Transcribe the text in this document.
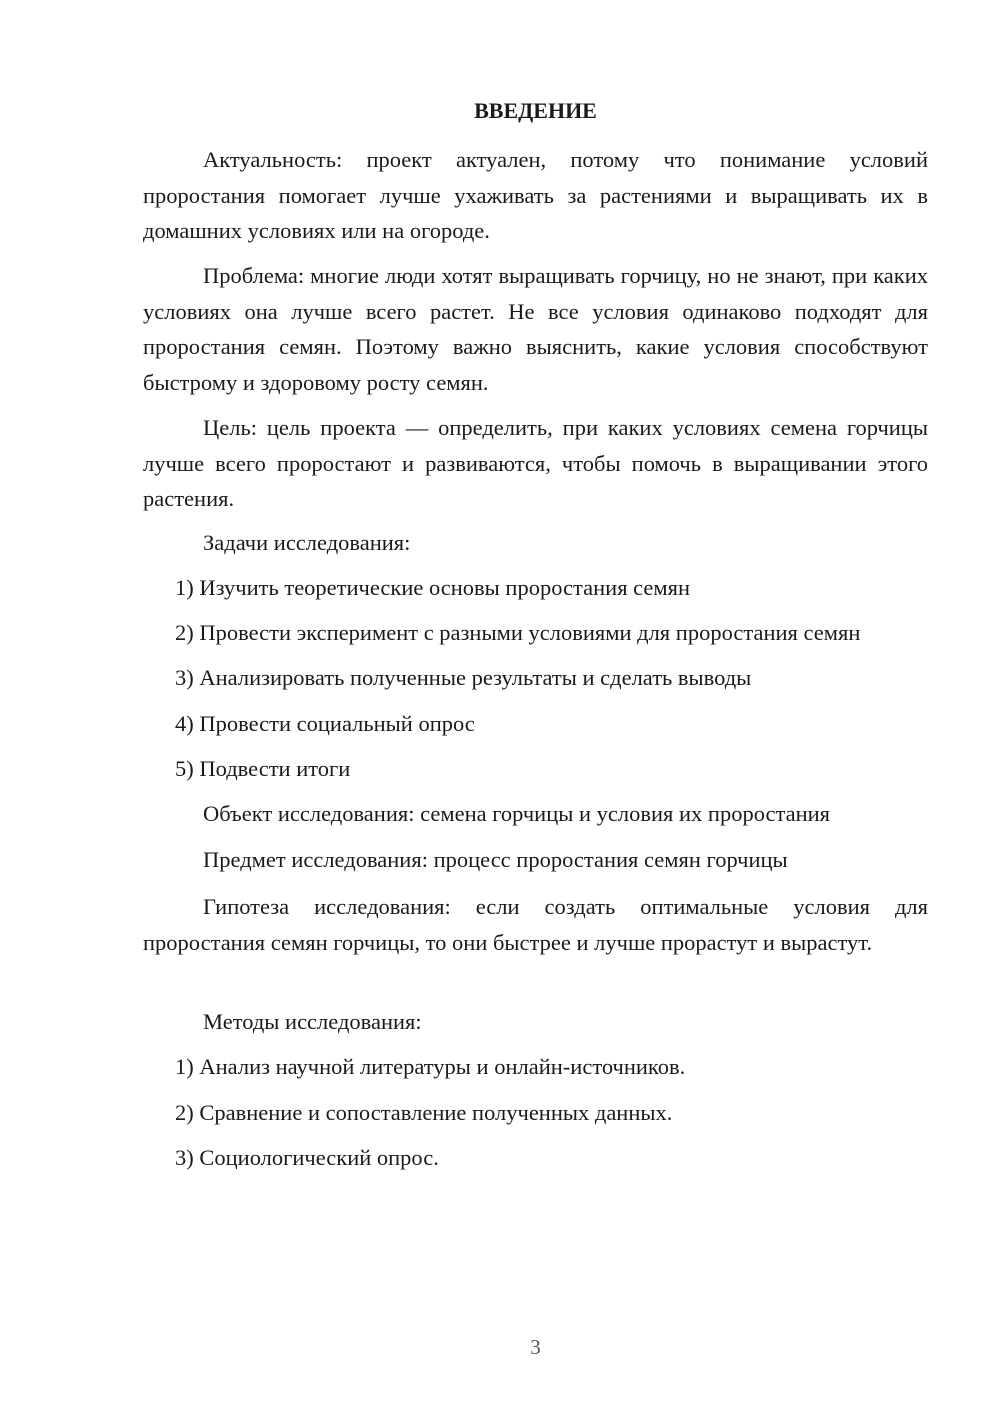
ВВЕДЕНИЕ

Актуальность: проект актуален, потому что понимание условий проростания помогает лучше ухаживать за растениями и выращивать их в домашних условиях или на огороде.

Проблема: многие люди хотят выращивать горчицу, но не знают, при каких условиях она лучше всего растет. Не все условия одинаково подходят для проростания семян. Поэтому важно выяснить, какие условия способствуют быстрому и здоровому росту семян.

Цель: цель проекта — определить, при каких условиях семена горчицы лучше всего проростают и развиваются, чтобы помочь в выращивании этого растения.

Задачи исследования:

1) Изучить теоретические основы проростания семян

2) Провести эксперимент с разными условиями для проростания семян

3) Анализировать полученные результаты и сделать выводы

4) Провести социальный опрос

5) Подвести итоги

Объект исследования: семена горчицы и условия их проростания

Предмет исследования: процесс проростания семян горчицы

Гипотеза исследования: если создать оптимальные условия для проростания семян горчицы, то они быстрее и лучше прорастут и вырастут.

Методы исследования:

1) Анализ научной литературы и онлайн-источников.

2) Сравнение и сопоставление полученных данных.

3) Социологический опрос.

3
